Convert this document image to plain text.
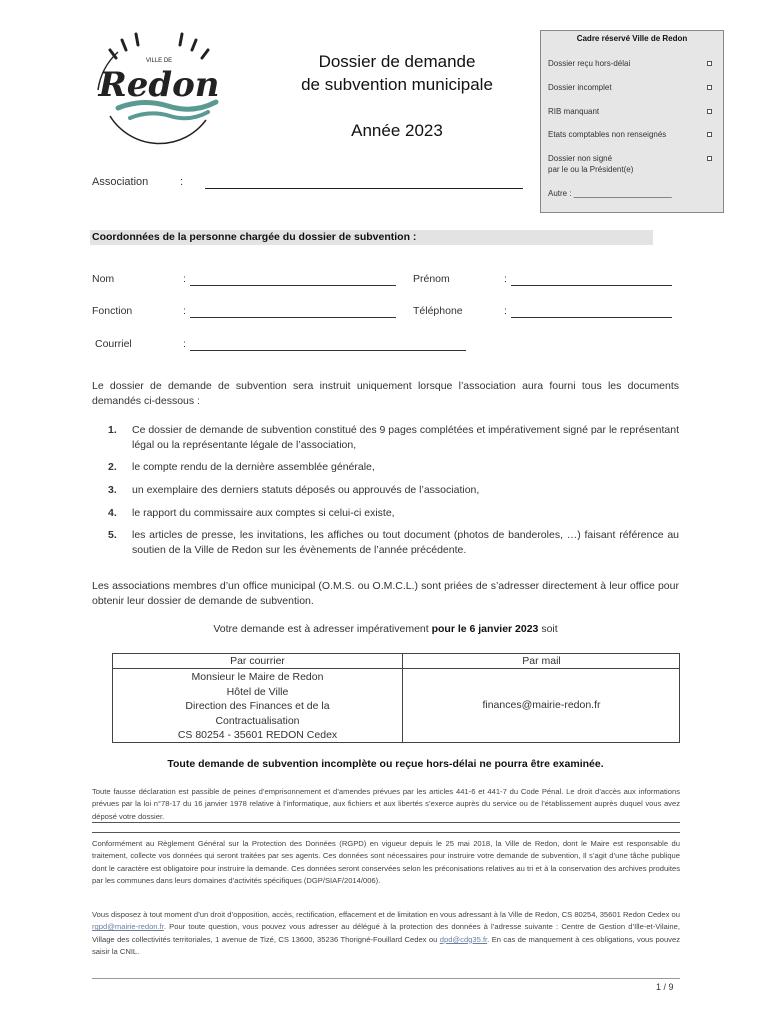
VILLE DE
Redon
Dossier de demande
de subvention municipale
Année 2023
Cadre réservé Ville de Redon
Dossier reçu hors-délai
Dossier incomplet
RIB manquant
Etats comptables non renseignés
Dossier non signé
par le ou la Président(e)
Autre : ______________________
Association	:
Coordonnées de la personne chargée du dossier de subvention :
Nom	:	Prénom	:
Fonction	:	Téléphone	:
Courriel	:
Le dossier de demande de subvention sera instruit uniquement lorsque l’association aura fourni tous les documents demandés ci-dessous :
1.	Ce dossier de demande de subvention constitué des 9 pages complétées et impérativement signé par le représentant légal ou la représentante légale de l’association,
2.	le compte rendu de la dernière assemblée générale,
3.	un exemplaire des derniers statuts déposés ou approuvés de l’association,
4.	le rapport du commissaire aux comptes si celui-ci existe,
5.	les articles de presse, les invitations, les affiches ou tout document (photos de banderoles, …) faisant référence au soutien de la Ville de Redon sur les évènements de l’année précédente.
Les associations membres d’un office municipal (O.M.S. ou O.M.C.L.) sont priées de s’adresser directement à leur office pour obtenir leur dossier de demande de subvention.
Votre demande est à adresser impérativement pour le 6 janvier 2023 soit
Par courrier	Par mail
Monsieur le Maire de Redon
Hôtel de Ville
Direction des Finances et de la
Contractualisation
CS 80254 - 35601 REDON Cedex
finances@mairie-redon.fr
Toute demande de subvention incomplète ou reçue hors-délai ne pourra être examinée.
Toute fausse déclaration est passible de peines d’emprisonnement et d’amendes prévues par les articles 441-6 et 441-7 du Code Pénal. Le droit d’accès aux informations prévues par la loi n°78-17 du 16 janvier 1978 relative à l’informatique, aux fichiers et aux libertés s’exerce auprès du service ou de l’établissement auprès duquel vous avez déposé votre dossier.
Conformément au Règlement Général sur la Protection des Données (RGPD) en vigueur depuis le 25 mai 2018, la Ville de Redon, dont le Maire est responsable du traitement, collecte vos données qui seront traitées par ses agents. Ces données sont nécessaires pour instruire votre demande de subvention, Il s’agit d’une tâche publique dont le caractère est obligatoire pour instruire la demande. Ces données seront conservées selon les préconisations relatives au tri et à la conservation des archives produites par les communes dans leurs domaines d’activités spécifiques (DGP/SIAF/2014/006).
Vous disposez à tout moment d’un droit d’opposition, accès, rectification, effacement et de limitation en vous adressant à la Ville de Redon, CS 80254, 35601 Redon Cedex ou rgpd@mairie-redon.fr. Pour toute question, vous pouvez vous adresser au délégué à la protection des données à l’adresse suivante : Centre de Gestion d’Ille-et-Vilaine, Village des collectivités territoriales, 1 avenue de Tizé, CS 13600, 35236 Thorigné-Fouillard Cedex ou dpd@cdg35.fr. En cas de manquement à ces obligations, vous pouvez saisir la CNIL.
1 / 9
